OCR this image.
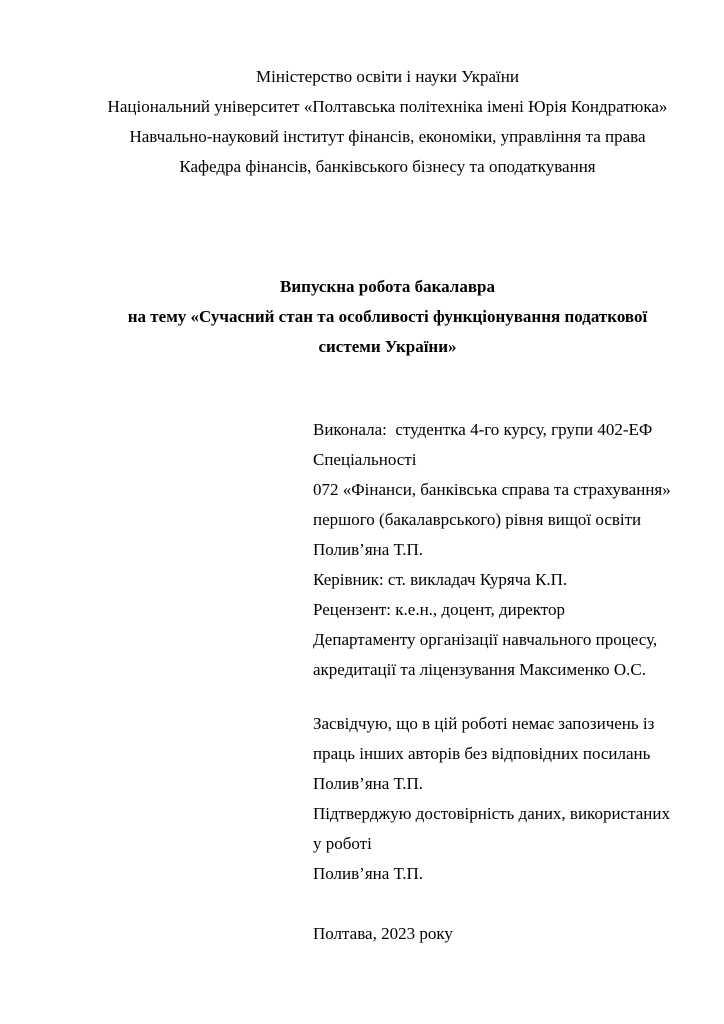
Міністерство освіти і науки України

Національний університет «Полтавська політехніка імені Юрія Кондратюка»

Навчально-науковий інститут фінансів, економіки, управління та права

Кафедра фінансів, банківського бізнесу та оподаткування

Випускна робота бакалавра

на тему «Сучасний стан та особливості функціонування податкової

системи України»

Виконала:  студентка 4-го курсу, групи 402-ЕФ

Спеціальності

072 «Фінанси, банківська справа та страхування»

першого (бакалаврського) рівня вищої освіти

Полив’яна Т.П.

Керівник: ст. викладач Куряча К.П.

Рецензент: к.е.н., доцент, директор

Департаменту організації навчального процесу,

акредитації та ліцензування Максименко О.С.

Засвідчую, що в цій роботі немає запозичень із

праць інших авторів без відповідних посилань

Полив’яна Т.П.

Підтверджую достовірність даних, використаних

у роботі

Полив’яна Т.П.

Полтава, 2023 року
